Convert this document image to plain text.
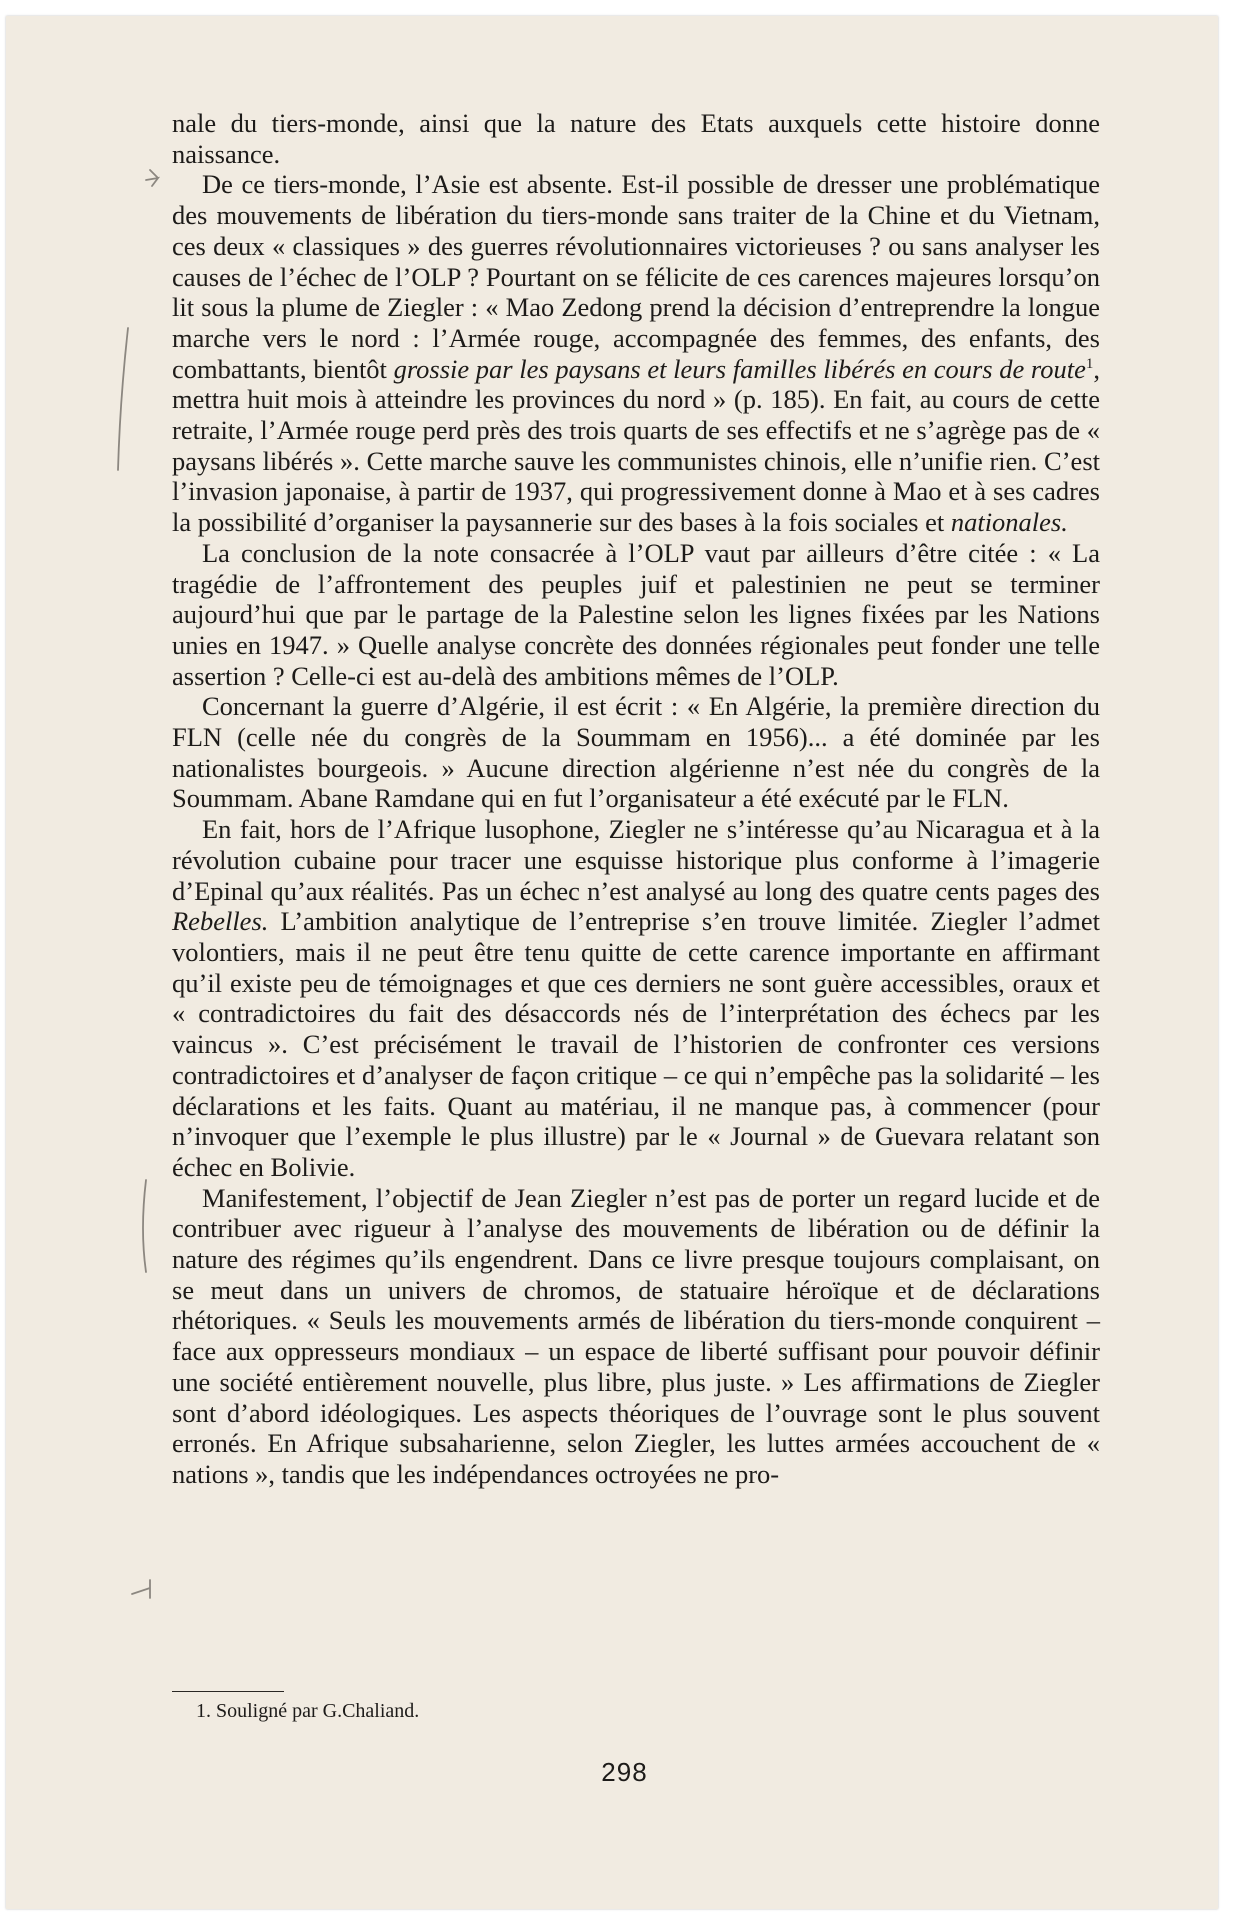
nale du tiers-monde, ainsi que la nature des Etats auxquels cette histoire donne naissance.

De ce tiers-monde, l’Asie est absente. Est-il possible de dresser une problématique des mouvements de libération du tiers-monde sans traiter de la Chine et du Vietnam, ces deux « classiques » des guerres révolutionnaires victorieuses ? ou sans analyser les causes de l’échec de l’OLP ? Pourtant on se félicite de ces carences majeures lorsqu’on lit sous la plume de Ziegler : « Mao Zedong prend la décision d’entreprendre la longue marche vers le nord : l’Armée rouge, accompagnée des femmes, des enfants, des combattants, bientôt grossie par les paysans et leurs familles libérés en cours de route$^1$, mettra huit mois à atteindre les provinces du nord » (p. 185). En fait, au cours de cette retraite, l’Armée rouge perd près des trois quarts de ses effectifs et ne s’agrège pas de « paysans libérés ». Cette marche sauve les communistes chinois, elle n’unifie rien. C’est l’invasion japonaise, à partir de 1937, qui progressivement donne à Mao et à ses cadres la possibilité d’organiser la paysannerie sur des bases à la fois sociales et nationales.

La conclusion de la note consacrée à l’OLP vaut par ailleurs d’être citée : « La tragédie de l’affrontement des peuples juif et palestinien ne peut se terminer aujourd’hui que par le partage de la Palestine selon les lignes fixées par les Nations unies en 1947. » Quelle analyse concrète des données régionales peut fonder une telle assertion ? Celle-ci est au-delà des ambitions mêmes de l’OLP.

Concernant la guerre d’Algérie, il est écrit : « En Algérie, la première direction du FLN (celle née du congrès de la Soummam en 1956)... a été dominée par les nationalistes bourgeois. » Aucune direction algérienne n’est née du congrès de la Soummam. Abane Ramdane qui en fut l’organisateur a été exécuté par le FLN.

En fait, hors de l’Afrique lusophone, Ziegler ne s’intéresse qu’au Nicaragua et à la révolution cubaine pour tracer une esquisse historique plus conforme à l’imagerie d’Epinal qu’aux réalités. Pas un échec n’est analysé au long des quatre cents pages des Rebelles. L’ambition analytique de l’entreprise s’en trouve limitée. Ziegler l’admet volontiers, mais il ne peut être tenu quitte de cette carence importante en affirmant qu’il existe peu de témoignages et que ces derniers ne sont guère accessibles, oraux et « contradictoires du fait des désaccords nés de l’interprétation des échecs par les vaincus ». C’est précisément le travail de l’historien de confronter ces versions contradictoires et d’analyser de façon critique – ce qui n’empêche pas la solidarité – les déclarations et les faits. Quant au matériau, il ne manque pas, à commencer (pour n’invoquer que l’exemple le plus illustre) par le « Journal » de Guevara relatant son échec en Bolivie.

Manifestement, l’objectif de Jean Ziegler n’est pas de porter un regard lucide et de contribuer avec rigueur à l’analyse des mouvements de libération ou de définir la nature des régimes qu’ils engendrent. Dans ce livre presque toujours complaisant, on se meut dans un univers de chromos, de statuaire héroïque et de déclarations rhétoriques. « Seuls les mouvements armés de libération du tiers-monde conquirent – face aux oppresseurs mondiaux – un espace de liberté suffisant pour pouvoir définir une société entièrement nouvelle, plus libre, plus juste. » Les affirmations de Ziegler sont d’abord idéologiques. Les aspects théoriques de l’ouvrage sont le plus souvent erronés. En Afrique subsaharienne, selon Ziegler, les luttes armées accouchent de « nations », tandis que les indépendances octroyées ne pro-

1. Souligné par G.Chaliand.
298
